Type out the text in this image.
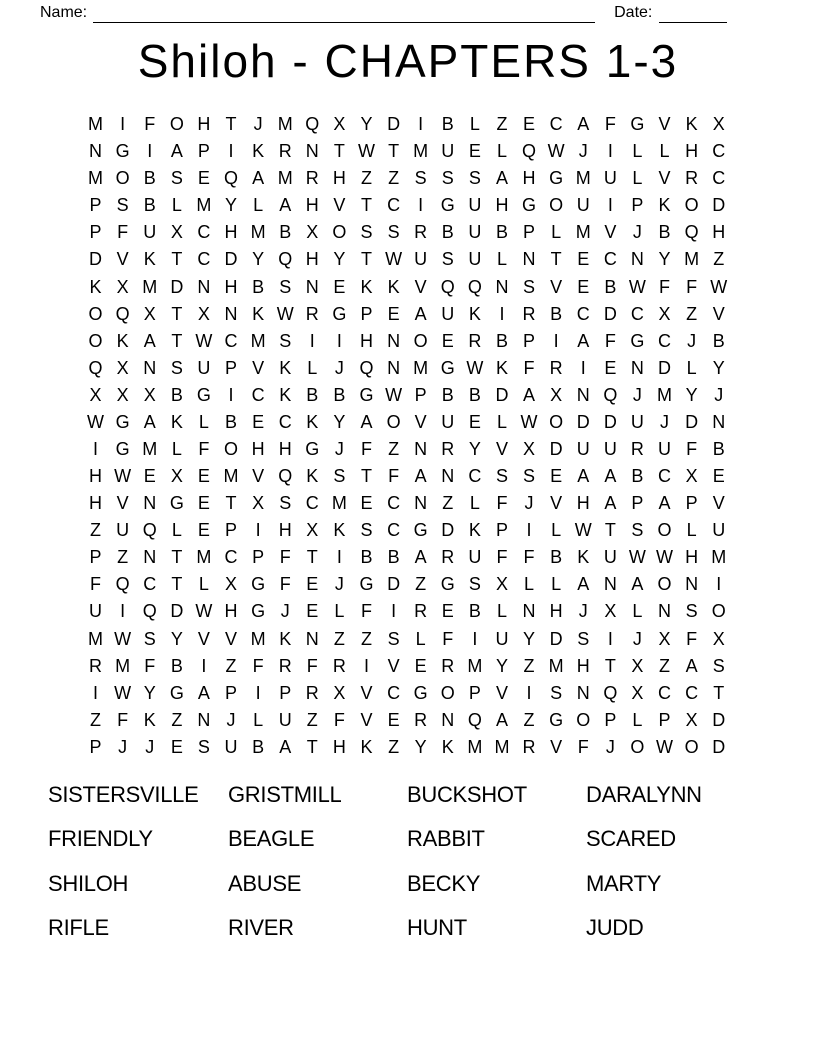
Name:	Date:
Shiloh - CHAPTERS 1-3
M I	F O H T J M Q X Y D	I	B L Z E C A F G V K X
N G I	A P	I	K R N T W T M U E L Q W J	I	L L H C
M O B S E Q A M R H Z Z S S S A H G M U L V R C
P S B L M Y L A H V T C	I G U H G O U	I	P K O D
P F U X C H M B X O S S R B U B P L M V J B Q H
D V K T C D Y Q H Y T W U S U L N T E C N Y M Z
K X M D N H B S N E K K V Q Q N S V E B W F F W
O Q X T X N K W R G P E A U K	I	R B C D C X Z V
O K A T W C M S	I	I	H N O E R B P	I	A F G C J B
Q X N S U P V K L J Q N M G W K F R	I	E N D L Y
X X X B G I	C K B B G W P B B D A X N Q J M Y J
W G A K L B E C K Y A O V U E L W O D D U J D N
I G M L F O H H G J F Z N R Y V X D U U R U F B
H W E X E M V Q K S T F A N C S S E A A B C X E
H V N G E T X S C M E C N Z L F J V H A P A P V
Z U Q L E P	I	H X K S C G D K P	I	L W T S O L U
P Z N T M C P F T	I	B B A R U F F B K U W W H M
F Q C T L X G F E J G D Z G S X L L A N A O N	I
U	I Q D W H G J E L F	I	R E B L N H J X L N S O
M W S Y V V M K N Z Z S L F	I	U Y D S	I	J X F X
R M F B	I	Z F R F R	I	V E R M Y Z M H T X Z A S
I W Y G A P	I	P R X V C G O P V	I	S N Q X C C T
Z F K Z N J L U Z F V E R N Q A Z G O P L P X D
P J	J E S U B A T H K Z Y K M M R V F J O W O D
SISTERSVILLE	GRISTMILL	BUCKSHOT	DARALYNN
FRIENDLY	BEAGLE	RABBIT	SCARED
SHILOH	ABUSE	BECKY	MARTY
RIFLE	RIVER	HUNT	JUDD
